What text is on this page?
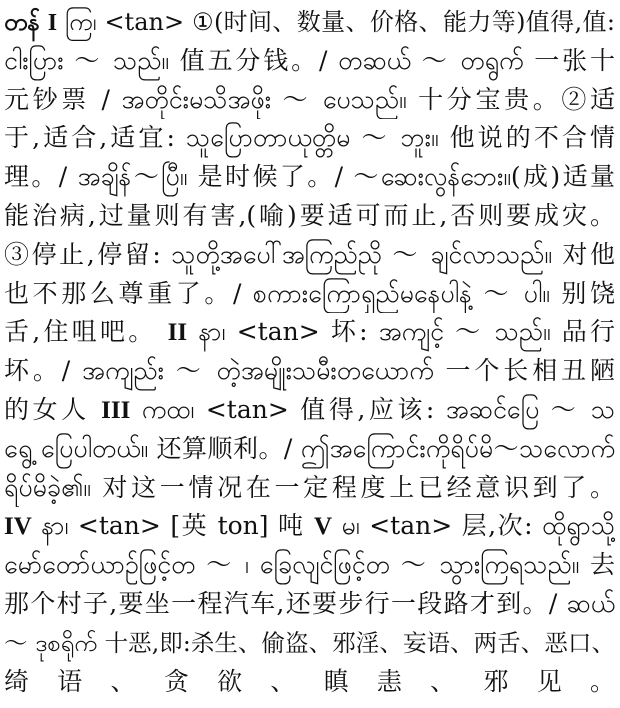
တန် I ကြ၊ <tan> ①(时间、数量、价格、能力等)值得,值:
ငါးပြား ～ သည်။ 值五分钱。/ တဆယ် ～ တရွက် 一张十
元钞票 / အတိုင်းမသိအဖိုး ～ ပေသည်။ 十分宝贵。②适
于,适合,适宜: သူပြောတာယုတ္တိမ ～ ဘူး။ 他说的不合情
理。/ အချိန်～ပြီ။ 是时候了。/ ～ဆေးလွန်ဘေး။(成)适量
能治病,过量则有害,(喻)要适可而止,否则要成灾。
③停止,停留: သူတို့အပေါ်အကြည်ညို ～ ချင်လာသည်။ 对他
也不那么尊重了。/ စကားကြောရှည်မနေပါနဲ့ ～ ပါ။ 别饶
舌,住咀吧。 II နာ၊ <tan> 坏: အကျင့် ～ သည်။ 品行
坏。/ အကျည်း ～ တဲ့အမျိုးသမီးတယောက် 一个长相丑陋
的女人 III ကထ၊ <tan> 值得,应该: အဆင်ပြေ ～ သ
ရွေ့ ပြေပါတယ်။ 还算顺利。/ ဤအကြောင်းကိုရိပ်မိ～သလောက်
ရိပ်မိခဲ့၏။ 对这一情况在一定程度上已经意识到了。
IV နာ၊ <tan> [英 ton] 吨 V မ၊ <tan> 层,次: ထိုရွာသို့
မော်တော်ယာဉ်ဖြင့်တ ～ ၊ ခြေလျင်ဖြင့်တ ～ သွားကြရသည်။ 去
那个村子,要坐一程汽车,还要步行一段路才到。/ ဆယ်
～ ဒုစရိုက် 十恶,即:杀生、偷盗、邪淫、妄语、两舌、恶口、
绮语、贪欲、瞋恚、邪见。
